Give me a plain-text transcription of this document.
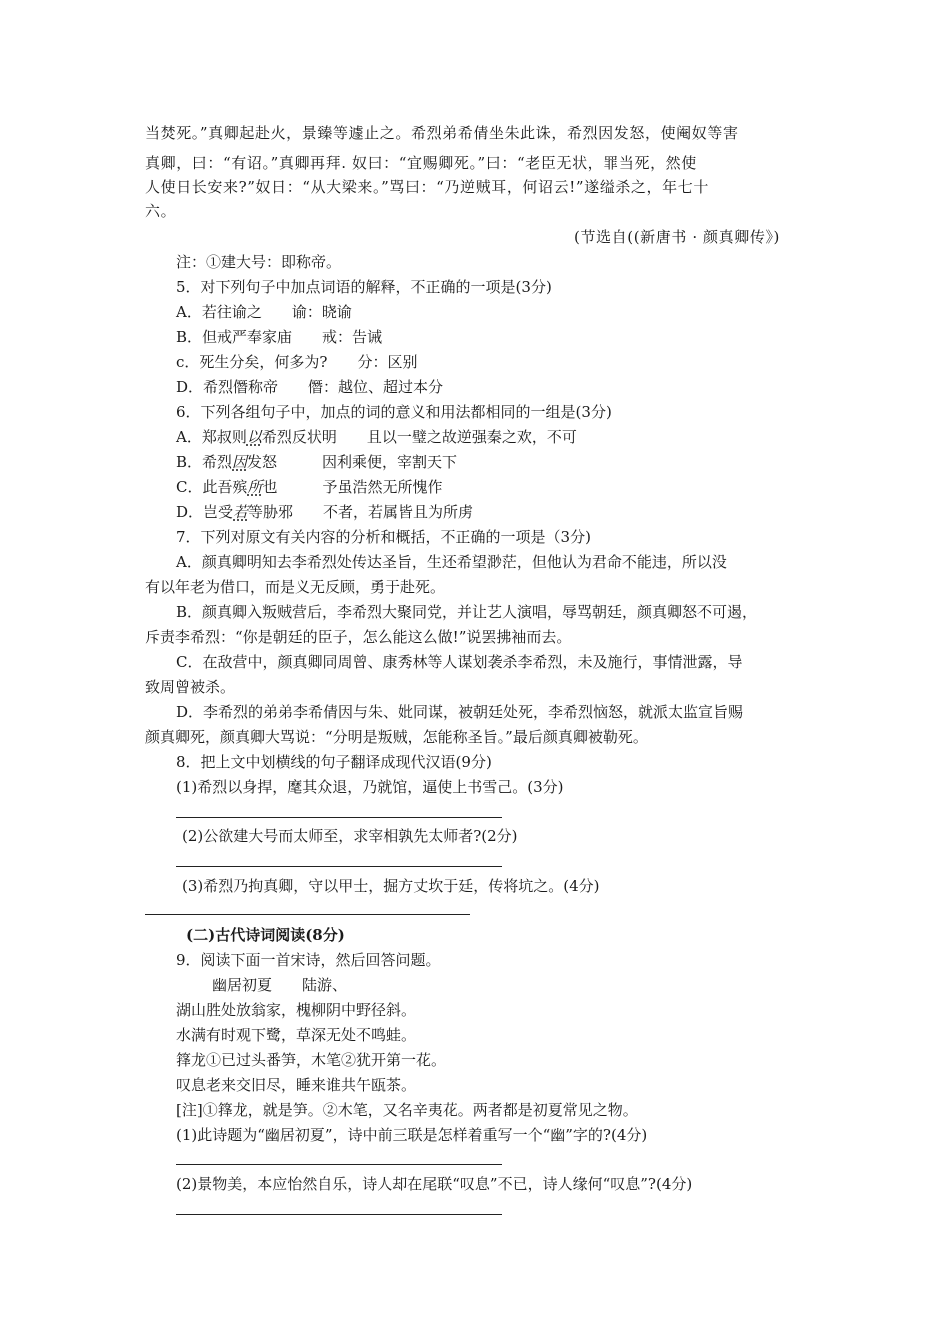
当焚死。”真卿起赴火，景臻等遽止之。希烈弟希倩坐朱此诛，希烈因发怒，使阉奴等害
真卿，曰：“有诏。”真卿再拜. 奴曰：“宜赐卿死。”曰：“老臣无状，罪当死，然使
人使日长安来?”奴日：“从大梁来。”骂曰：“乃逆贼耳，何诏云!”遂缢杀之，年七十
六。
(节选自((新唐书 · 颜真卿传》)
注：①建大号：即称帝。
5．对下列句子中加点词语的解释，不正确的一项是(3分)
A．若往谕之　　谕：晓谕
B．但戒严奉家庙　　戒：告诫
c．死生分矣，何多为?　　分：区别
D．希烈僭称帝　　僭：越位、超过本分
6．下列各组句子中，加点的词的意义和用法都相同的一组是(3分)
A．郑叔则以希烈反状明　　且以一璧之故逆强秦之欢，不可
B．希烈因发怒　　　因利乘便，宰割天下
C．此吾殡所也　　　予虽浩然无所愧作
D．岂受若等胁邪　　不者，若属皆且为所虏
7．下列对原文有关内容的分析和概括，不正确的一项是（3分)
A．颜真卿明知去李希烈处传达圣旨，生还希望渺茫，但他认为君命不能违，所以没
有以年老为借口，而是义无反顾，勇于赴死。
B．颜真卿入叛贼营后，李希烈大聚同党，并让艺人演唱，辱骂朝廷，颜真卿怒不可遏，
斥责李希烈：“你是朝廷的臣子，怎么能这么做!”说罢拂袖而去。
C．在敌营中，颜真卿同周曾、康秀林等人谋划袭杀李希烈，未及施行，事情泄露，导
致周曾被杀。
D．李希烈的弟弟李希倩因与朱、妣同谋，被朝廷处死，李希烈恼怒，就派太监宣旨赐
颜真卿死，颜真卿大骂说：“分明是叛贼，怎能称圣旨。”最后颜真卿被勒死。
8．把上文中划横线的句子翻译成现代汉语(9分)
(1)希烈以身捍，麾其众退，乃就馆，逼使上书雪己。(3分)
(2)公欲建大号而太师至，求宰相孰先太师者?(2分)
(3)希烈乃拘真卿，守以甲士，掘方丈坎于廷，传将坑之。(4分)
(二)古代诗词阅读(8分)
9．阅读下面一首宋诗，然后回答问题。
幽居初夏　　陆游、
湖山胜处放翁家，槐柳阴中野径斜。
水满有时观下鹭，草深无处不鸣蛙。
箨龙①已过头番笋，木笔②犹开第一花。
叹息老来交旧尽，睡来谁共午瓯茶。
[注]①箨龙，就是笋。②木笔，又名辛夷花。两者都是初夏常见之物。
(1)此诗题为“幽居初夏”，诗中前三联是怎样着重写一个“幽”字的?(4分)
(2)景物美，本应怡然自乐，诗人却在尾联“叹息”不已，诗人缘何“叹息”?(4分)
